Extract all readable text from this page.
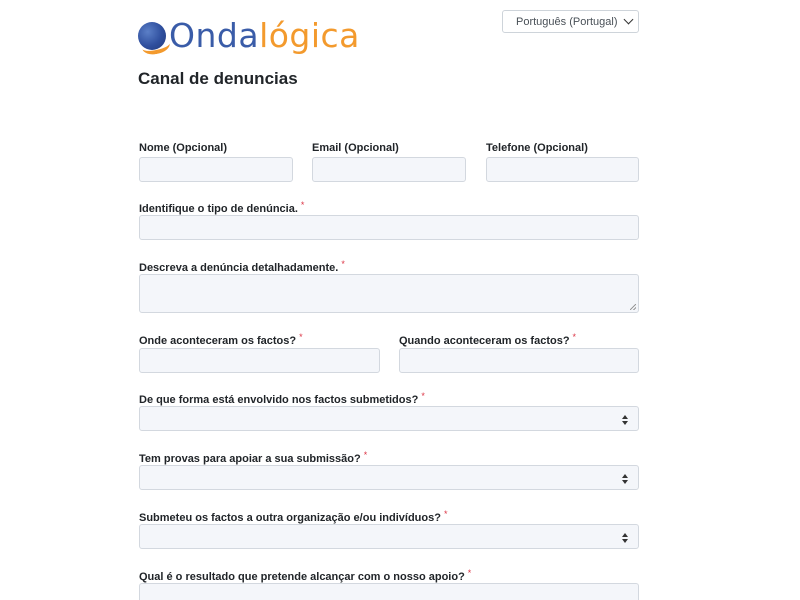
Ondalógica	Português (Portugal)
Canal de denuncias
Nome (Opcional)	Email (Opcional)	Telefone (Opcional)
Identifique o tipo de denúncia. *
Descreva a denúncia detalhadamente. *
Onde aconteceram os factos? *	Quando aconteceram os factos? *
De que forma está envolvido nos factos submetidos? *
Tem provas para apoiar a sua submissão? *
Submeteu os factos a outra organização e/ou indivíduos? *
Qual é o resultado que pretende alcançar com o nosso apoio? *
